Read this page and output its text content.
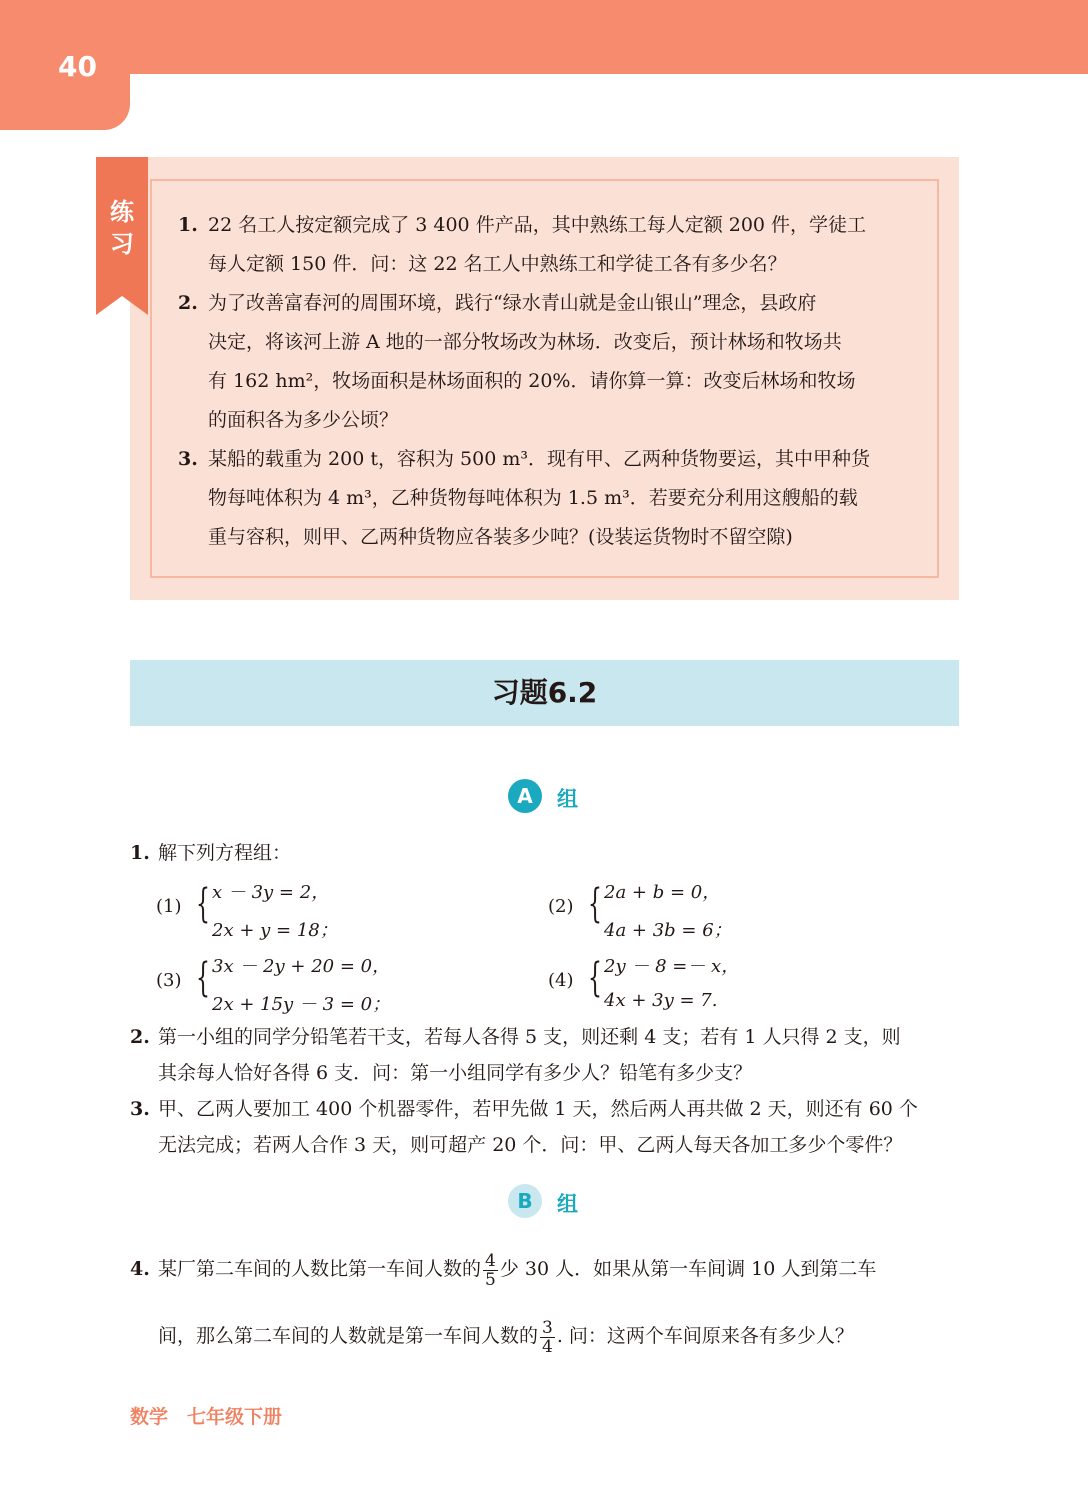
40
练习
1. 22 名工人按定额完成了 3 400 件产品，其中熟练工每人定额 200 件，学徒工
每人定额 150 件．问：这 22 名工人中熟练工和学徒工各有多少名？
2. 为了改善富春河的周围环境，践行“绿水青山就是金山银山”理念，县政府
决定，将该河上游 A 地的一部分牧场改为林场．改变后，预计林场和牧场共
有 162 hm²，牧场面积是林场面积的 20%．请你算一算：改变后林场和牧场
的面积各为多少公顷？
3. 某船的载重为 200 t，容积为 500 m³．现有甲、乙两种货物要运，其中甲种货
物每吨体积为 4 m³，乙种货物每吨体积为 1.5 m³．若要充分利用这艘船的载
重与容积，则甲、乙两种货物应各装多少吨？(设装运货物时不留空隙)
习题6.2
A	组
1. 解下列方程组：
(1) { x － 3y = 2，
2x + y = 18；
(2) { 2a + b = 0，
4a + 3b = 6；
(3) { 3x － 2y + 20 = 0，
2x + 15y － 3 = 0；
(4) { 2y － 8 =－ x，
4x + 3y = 7.
2. 第一小组的同学分铅笔若干支，若每人各得 5 支，则还剩 4 支；若有 1 人只得 2 支，则
其余每人恰好各得 6 支．问：第一小组同学有多少人？铅笔有多少支？
3. 甲、乙两人要加工 400 个机器零件，若甲先做 1 天，然后两人再共做 2 天，则还有 60 个
无法完成；若两人合作 3 天，则可超产 20 个．问：甲、乙两人每天各加工多少个零件？
B	组
4. 某厂第二车间的人数比第一车间人数的 $\frac{4}{5}$ 少 30 人．如果从第一车间调 10 人到第二车
间，那么第二车间的人数就是第一车间人数的 $\frac{3}{4}$ . 问：这两个车间原来各有多少人？
数学　七年级下册
